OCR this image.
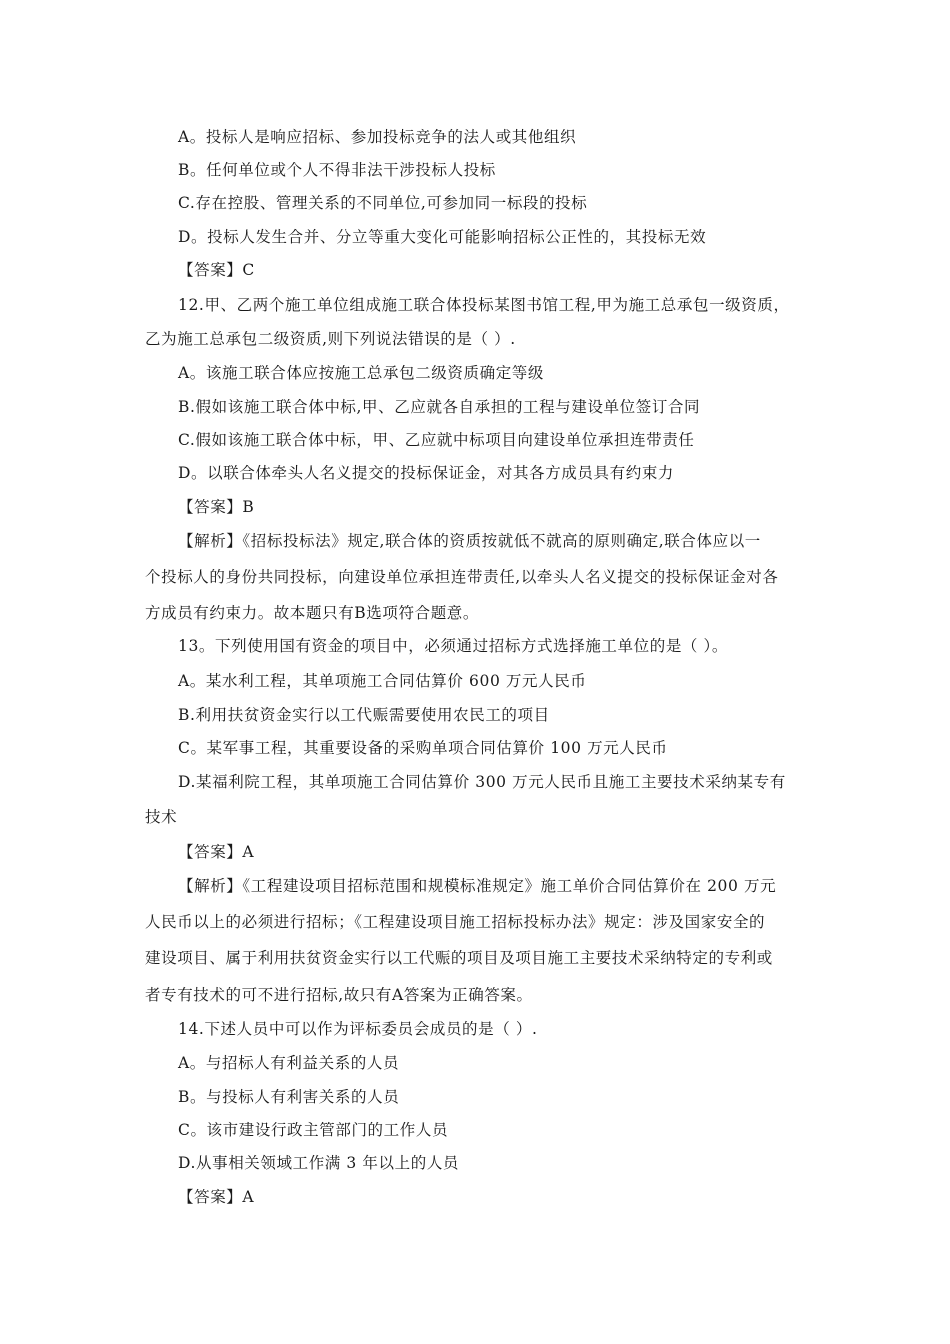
A。投标人是响应招标、参加投标竞争的法人或其他组织
B。任何单位或个人不得非法干涉投标人投标
C.存在控股、管理关系的不同单位,可参加同一标段的投标
D。投标人发生合并、分立等重大变化可能影响招标公正性的，其投标无效
【答案】C
12.甲、乙两个施工单位组成施工联合体投标某图书馆工程,甲为施工总承包一级资质，
乙为施工总承包二级资质,则下列说法错误的是（ ）.
A。该施工联合体应按施工总承包二级资质确定等级
B.假如该施工联合体中标,甲、乙应就各自承担的工程与建设单位签订合同
C.假如该施工联合体中标，甲、乙应就中标项目向建设单位承担连带责任
D。以联合体牵头人名义提交的投标保证金，对其各方成员具有约束力
【答案】B
【解析】《招标投标法》规定,联合体的资质按就低不就高的原则确定,联合体应以一
个投标人的身份共同投标，向建设单位承担连带责任,以牵头人名义提交的投标保证金对各
方成员有约束力。故本题只有B选项符合题意。
13。下列使用国有资金的项目中，必须通过招标方式选择施工单位的是（ ）。
A。某水利工程，其单项施工合同估算价 600 万元人民币
B.利用扶贫资金实行以工代赈需要使用农民工的项目
C。某军事工程，其重要设备的采购单项合同估算价 100 万元人民币
D.某福利院工程，其单项施工合同估算价 300 万元人民币且施工主要技术采纳某专有
技术
【答案】A
【解析】《工程建设项目招标范围和规模标准规定》施工单价合同估算价在 200 万元
人民币以上的必须进行招标；《工程建设项目施工招标投标办法》规定：涉及国家安全的
建设项目、属于利用扶贫资金实行以工代赈的项目及项目施工主要技术采纳特定的专利或
者专有技术的可不进行招标,故只有A答案为正确答案。
14.下述人员中可以作为评标委员会成员的是（ ）.
A。与招标人有利益关系的人员
B。与投标人有利害关系的人员
C。该市建设行政主管部门的工作人员
D.从事相关领域工作满 3 年以上的人员
【答案】A
